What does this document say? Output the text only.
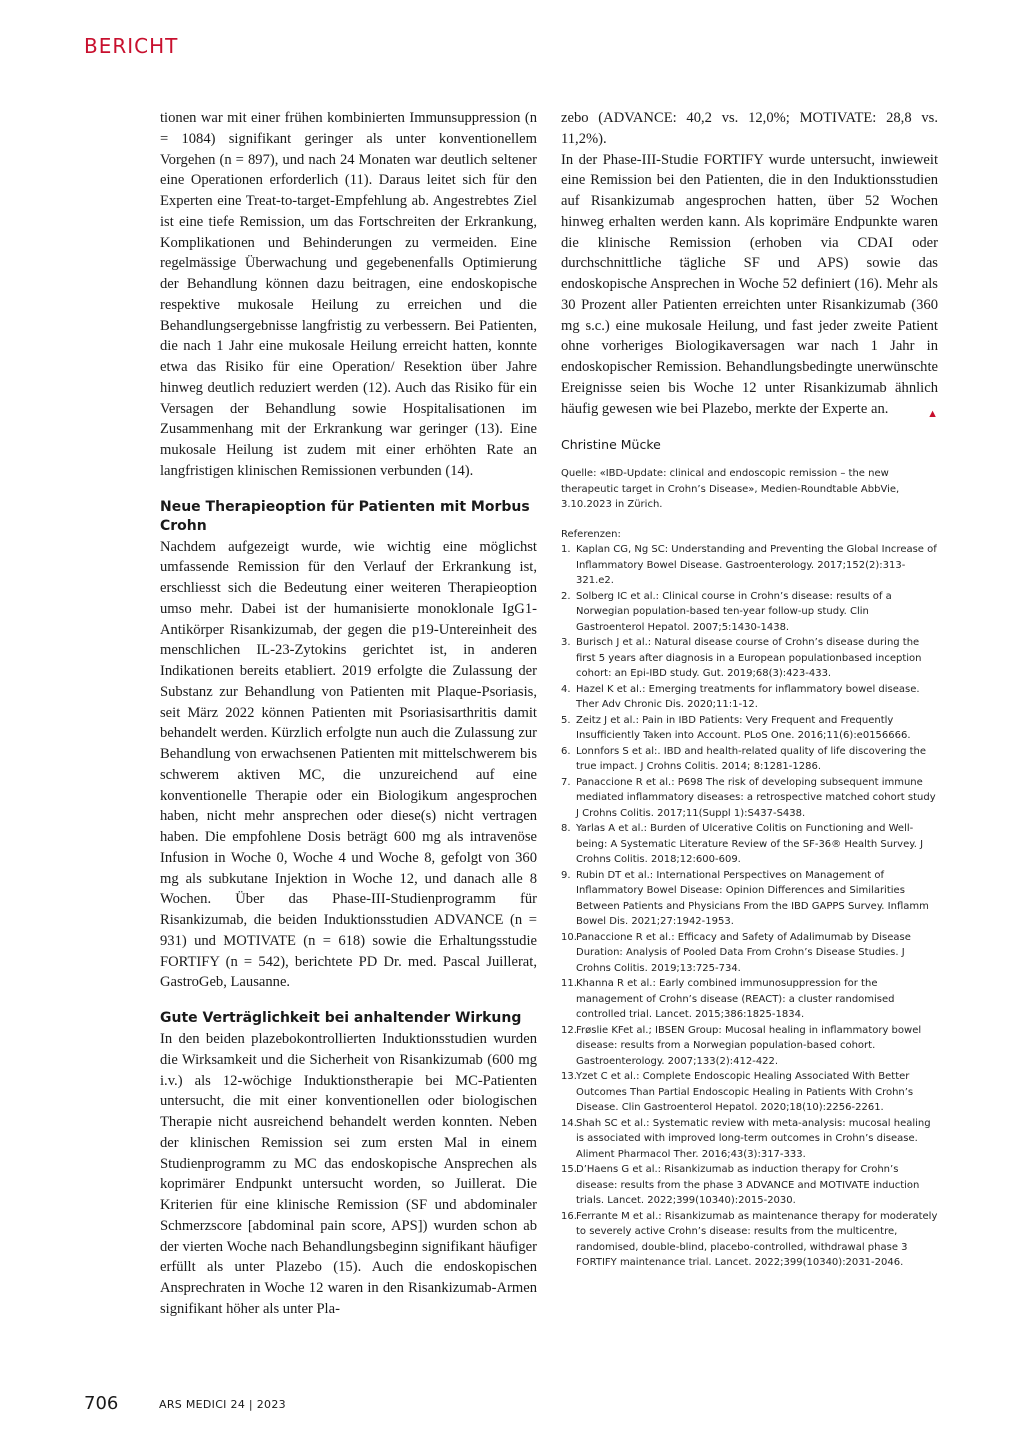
BERICHT

tionen war mit einer frühen kombinierten Immunsuppression (n = 1084) signifikant geringer als unter konventionellem Vorgehen (n = 897), und nach 24 Monaten war deutlich seltener eine Operationen erforderlich (11). Daraus leitet sich für den Experten eine Treat-to-target-Empfehlung ab. Angestrebtes Ziel ist eine tiefe Remission, um das Fortschreiten der Erkrankung, Komplikationen und Behinderungen zu vermeiden. Eine regelmässige Überwachung und gegebenenfalls Optimierung der Behandlung können dazu beitragen, eine endoskopische respektive mukosale Heilung zu erreichen und die Behandlungsergebnisse langfristig zu verbessern. Bei Patienten, die nach 1 Jahr eine mukosale Heilung erreicht hatten, konnte etwa das Risiko für eine Operation/ Resektion über Jahre hinweg deutlich reduziert werden (12). Auch das Risiko für ein Versagen der Behandlung sowie Hospitalisationen im Zusammenhang mit der Erkrankung war geringer (13). Eine mukosale Heilung ist zudem mit einer erhöhten Rate an langfristigen klinischen Remissionen verbunden (14).

Neue Therapieoption für Patienten mit Morbus Crohn

Nachdem aufgezeigt wurde, wie wichtig eine möglichst umfassende Remission für den Verlauf der Erkrankung ist, erschliesst sich die Bedeutung einer weiteren Therapieoption umso mehr. Dabei ist der humanisierte monoklonale IgG1-Antikörper Risankizumab, der gegen die p19-Untereinheit des menschlichen IL-23-Zytokins gerichtet ist, in anderen Indikationen bereits etabliert. 2019 erfolgte die Zulassung der Substanz zur Behandlung von Patienten mit Plaque-Psoriasis, seit März 2022 können Patienten mit Psoriasisarthritis damit behandelt werden. Kürzlich erfolgte nun auch die Zulassung zur Behandlung von erwachsenen Patienten mit mittelschwerem bis schwerem aktiven MC, die unzureichend auf eine konventionelle Therapie oder ein Biologikum angesprochen haben, nicht mehr ansprechen oder diese(s) nicht vertragen haben. Die empfohlene Dosis beträgt 600 mg als intravenöse Infusion in Woche 0, Woche 4 und Woche 8, gefolgt von 360 mg als subkutane Injektion in Woche 12, und danach alle 8 Wochen. Über das Phase-III-Studienprogramm für Risankizumab, die beiden Induktionsstudien ADVANCE (n = 931) und MOTIVATE (n = 618) sowie die Erhaltungsstudie FORTIFY (n = 542), berichtete PD Dr. med. Pascal Juillerat, GastroGeb, Lausanne.

Gute Verträglichkeit bei anhaltender Wirkung

In den beiden plazebokontrollierten Induktionsstudien wurden die Wirksamkeit und die Sicherheit von Risankizumab (600 mg i.v.) als 12-wöchige Induktionstherapie bei MC-Patienten untersucht, die mit einer konventionellen oder biologischen Therapie nicht ausreichend behandelt werden konnten. Neben der klinischen Remission sei zum ersten Mal in einem Studienprogramm zu MC das endoskopische Ansprechen als koprimärer Endpunkt untersucht worden, so Juillerat. Die Kriterien für eine klinische Remission (SF und abdominaler Schmerzscore [abdominal pain score, APS]) wurden schon ab der vierten Woche nach Behandlungsbeginn signifikant häufiger erfüllt als unter Plazebo (15). Auch die endoskopischen Ansprechraten in Woche 12 waren in den Risankizumab-Armen signifikant höher als unter Pla-

zebo (ADVANCE: 40,2 vs. 12,0%; MOTIVATE: 28,8 vs. 11,2%).

In der Phase-III-Studie FORTIFY wurde untersucht, inwieweit eine Remission bei den Patienten, die in den Induktionsstudien auf Risankizumab angesprochen hatten, über 52 Wochen hinweg erhalten werden kann. Als koprimäre Endpunkte waren die klinische Remission (erhoben via CDAI oder durchschnittliche tägliche SF und APS) sowie das endoskopische Ansprechen in Woche 52 definiert (16). Mehr als 30 Prozent aller Patienten erreichten unter Risankizumab (360 mg s.c.) eine mukosale Heilung, und fast jeder zweite Patient ohne vorheriges Biologikaversagen war nach 1 Jahr in endoskopischer Remission. Behandlungsbedingte unerwünschte Ereignisse seien bis Woche 12 unter Risankizumab ähnlich häufig gewesen wie bei Plazebo, merkte der Experte an.	▲

Christine Mücke
Quelle: «IBD-Update: clinical and endoscopic remission – the new therapeutic target in Crohn’s Disease», Medien-Roundtable AbbVie, 3.10.2023 in Zürich.
Referenzen:
1. Kaplan CG, Ng SC: Understanding and Preventing the Global Increase of Inflammatory Bowel Disease. Gastroenterology. 2017;152(2):313-321.e2.
2. Solberg IC et al.: Clinical course in Crohn’s disease: results of a Norwegian population-based ten-year follow-up study. Clin Gastroenterol Hepatol. 2007;5:1430-1438.
3. Burisch J et al.: Natural disease course of Crohn’s disease during the first 5 years after diagnosis in a European populationbased inception cohort: an Epi-IBD study. Gut. 2019;68(3):423-433.
4. Hazel K et al.: Emerging treatments for inflammatory bowel disease. Ther Adv Chronic Dis. 2020;11:1-12.
5. Zeitz J et al.: Pain in IBD Patients: Very Frequent and Frequently Insufficiently Taken into Account. PLoS One. 2016;11(6):e0156666.
6. Lonnfors S et al:. IBD and health-related quality of life discovering the true impact. J Crohns Colitis. 2014; 8:1281-1286.
7. Panaccione R et al.: P698 The risk of developing subsequent immune mediated inflammatory diseases: a retrospective matched cohort study J Crohns Colitis. 2017;11(Suppl 1):S437-S438.
8. Yarlas A et al.: Burden of Ulcerative Colitis on Functioning and Well-being: A Systematic Literature Review of the SF-36® Health Survey. J Crohns Colitis. 2018;12:600-609.
9. Rubin DT et al.: International Perspectives on Management of Inflammatory Bowel Disease: Opinion Differences and Similarities Between Patients and Physicians From the IBD GAPPS Survey. Inflamm Bowel Dis. 2021;27:1942-1953.
10. Panaccione R et al.: Efficacy and Safety of Adalimumab by Disease Duration: Analysis of Pooled Data From Crohn’s Disease Studies. J Crohns Colitis. 2019;13:725-734.
11. Khanna R et al.: Early combined immunosuppression for the management of Crohn’s disease (REACT): a cluster randomised controlled trial. Lancet. 2015;386:1825-1834.
12. Frøslie KFet al.; IBSEN Group: Mucosal healing in inflammatory bowel disease: results from a Norwegian population-based cohort. Gastroenterology. 2007;133(2):412-422.
13. Yzet C et al.: Complete Endoscopic Healing Associated With Better Outcomes Than Partial Endoscopic Healing in Patients With Crohn’s Disease. Clin Gastroenterol Hepatol. 2020;18(10):2256-2261.
14. Shah SC et al.: Systematic review with meta-analysis: mucosal healing is associated with improved long-term outcomes in Crohn’s disease. Aliment Pharmacol Ther. 2016;43(3):317-333.
15. D’Haens G et al.: Risankizumab as induction therapy for Crohn’s disease: results from the phase 3 ADVANCE and MOTIVATE induction trials. Lancet. 2022;399(10340):2015-2030.
16. Ferrante M et al.: Risankizumab as maintenance therapy for moderately to severely active Crohn’s disease: results from the multicentre, randomised, double-blind, placebo-controlled, withdrawal phase 3 FORTIFY maintenance trial. Lancet. 2022;399(10340):2031-2046.
706	ARS MEDICI 24 | 2023
